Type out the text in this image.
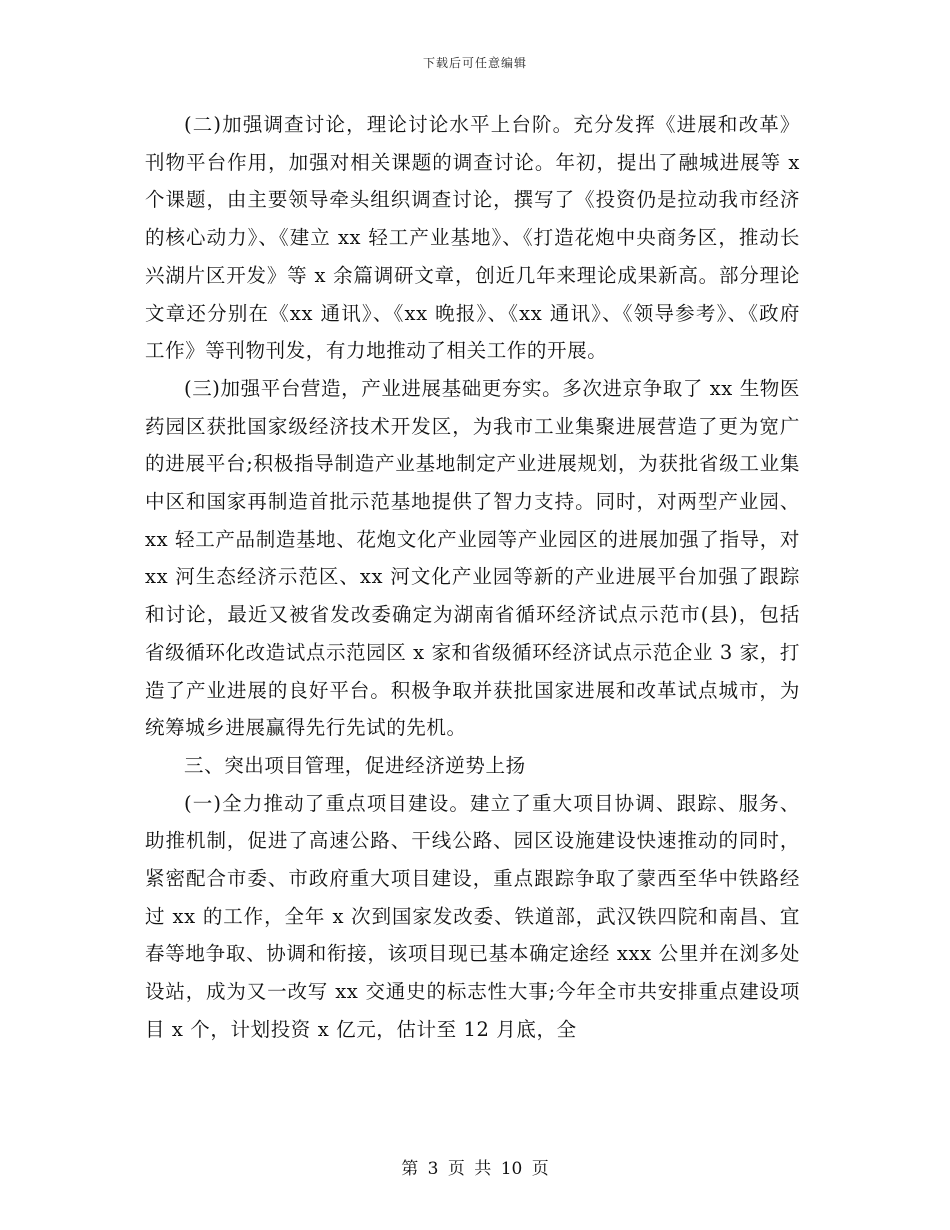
下载后可任意编辑

(二)加强调查讨论，理论讨论水平上台阶。充分发挥《进展和改革》刊物平台作用，加强对相关课题的调查讨论。年初，提出了融城进展等 x 个课题，由主要领导牵头组织调查讨论，撰写了《投资仍是拉动我市经济的核心动力》、《建立 xx 轻工产业基地》、《打造花炮中央商务区，推动长兴湖片区开发》等 x 余篇调研文章，创近几年来理论成果新高。部分理论文章还分别在《xx 通讯》、《xx 晚报》、《xx 通讯》、《领导参考》、《政府工作》等刊物刊发，有力地推动了相关工作的开展。

(三)加强平台营造，产业进展基础更夯实。多次进京争取了 xx 生物医药园区获批国家级经济技术开发区，为我市工业集聚进展营造了更为宽广的进展平台;积极指导制造产业基地制定产业进展规划，为获批省级工业集中区和国家再制造首批示范基地提供了智力支持。同时，对两型产业园、xx 轻工产品制造基地、花炮文化产业园等产业园区的进展加强了指导，对 xx 河生态经济示范区、xx 河文化产业园等新的产业进展平台加强了跟踪和讨论，最近又被省发改委确定为湖南省循环经济试点示范市(县)，包括省级循环化改造试点示范园区 x 家和省级循环经济试点示范企业 3 家，打造了产业进展的良好平台。积极争取并获批国家进展和改革试点城市，为统筹城乡进展赢得先行先试的先机。

三、突出项目管理，促进经济逆势上扬

(一)全力推动了重点项目建设。建立了重大项目协调、跟踪、服务、助推机制，促进了高速公路、干线公路、园区设施建设快速推动的同时，紧密配合市委、市政府重大项目建设，重点跟踪争取了蒙西至华中铁路经过 xx 的工作，全年 x 次到国家发改委、铁道部，武汉铁四院和南昌、宜春等地争取、协调和衔接，该项目现已基本确定途经 xxx 公里并在浏多处设站，成为又一改写 xx 交通史的标志性大事;今年全市共安排重点建设项目 x 个，计划投资 x 亿元，估计至 12 月底，全

第 3 页 共 10 页
